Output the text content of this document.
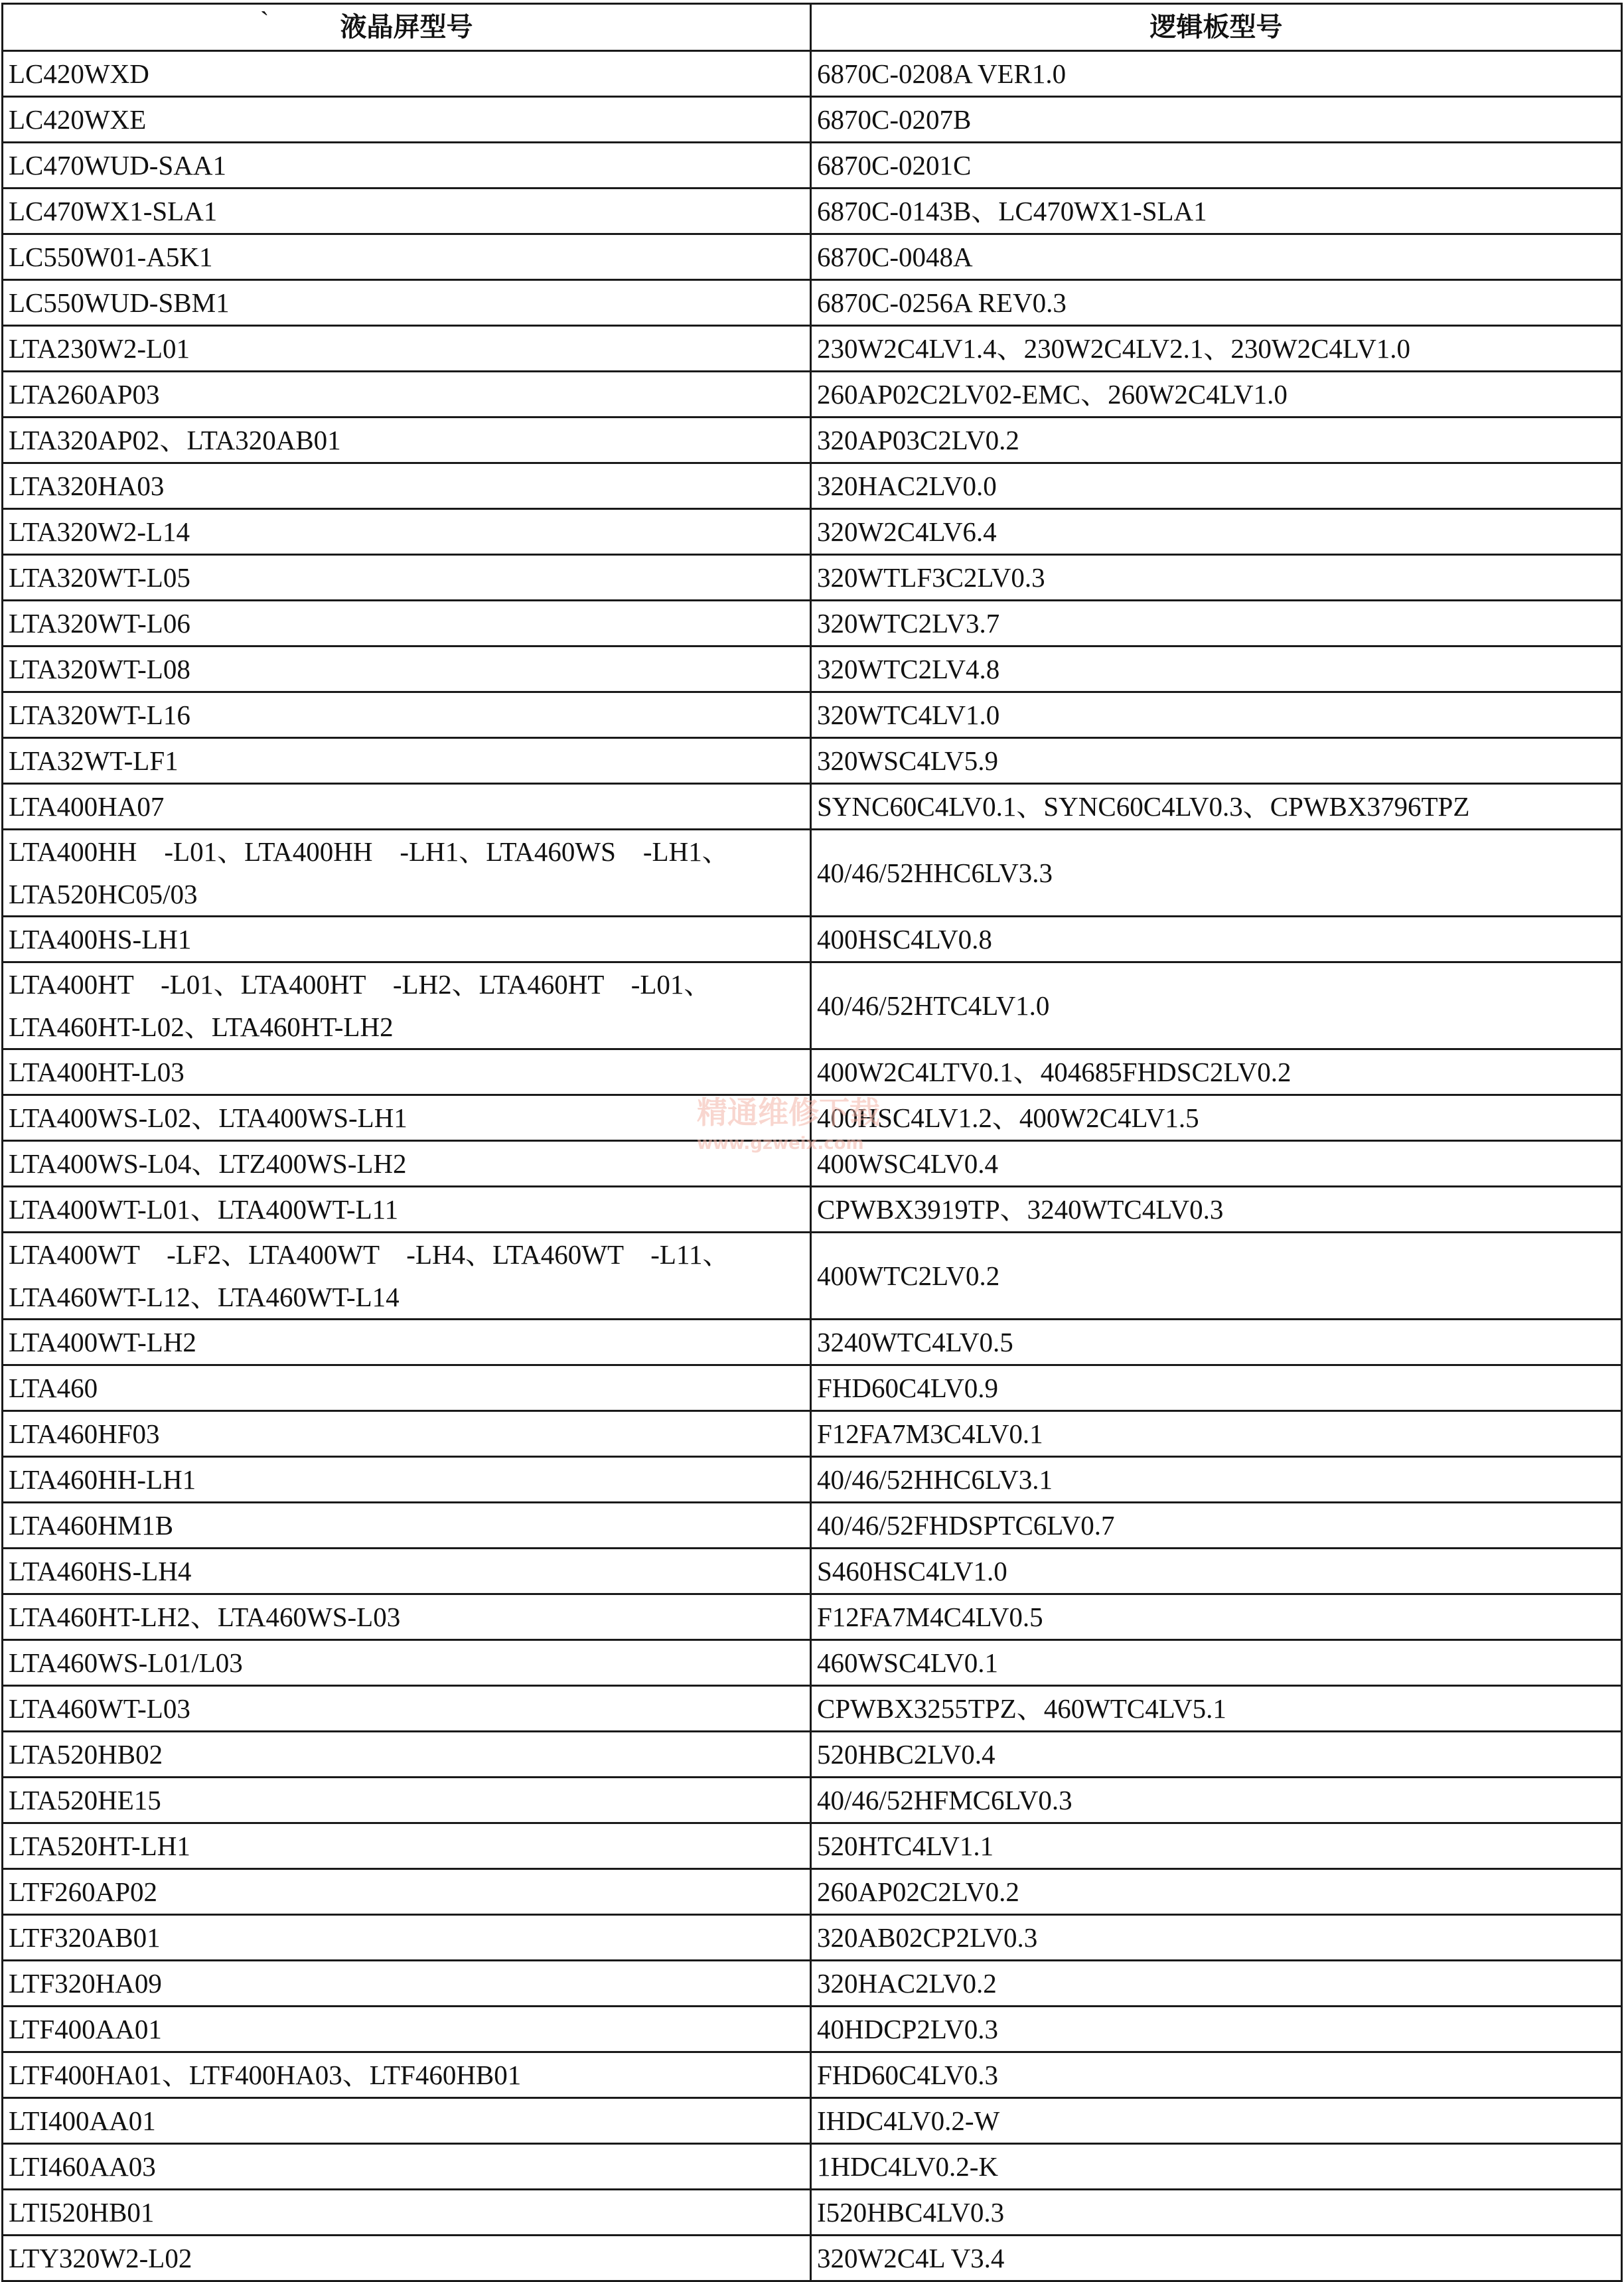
`	液晶屏型号	逻辑板型号
LC420WXD	6870C-0208A VER1.0
LC420WXE	6870C-0207B
LC470WUD-SAA1	6870C-0201C
LC470WX1-SLA1	6870C-0143B、LC470WX1-SLA1
LC550W01-A5K1	6870C-0048A
LC550WUD-SBM1	6870C-0256A REV0.3
LTA230W2-L01	230W2C4LV1.4、230W2C4LV2.1、230W2C4LV1.0
LTA260AP03	260AP02C2LV02-EMC、260W2C4LV1.0
LTA320AP02、LTA320AB01	320AP03C2LV0.2
LTA320HA03	320HAC2LV0.0
LTA320W2-L14	320W2C4LV6.4
LTA320WT-L05	320WTLF3C2LV0.3
LTA320WT-L06	320WTC2LV3.7
LTA320WT-L08	320WTC2LV4.8
LTA320WT-L16	320WTC4LV1.0
LTA32WT-LF1	320WSC4LV5.9
LTA400HA07	SYNC60C4LV0.1、SYNC60C4LV0.3、CPWBX3796TPZ
LTA400HH　-L01、LTA400HH　-LH1、LTA460WS　-LH1、LTA520HC05/03	40/46/52HHC6LV3.3
LTA400HS-LH1	400HSC4LV0.8
LTA400HT　-L01、LTA400HT　-LH2、LTA460HT　-L01、LTA460HT-L02、LTA460HT-LH2	40/46/52HTC4LV1.0
LTA400HT-L03	400W2C4LTV0.1、404685FHDSC2LV0.2
LTA400WS-L02、LTA400WS-LH1	400HSC4LV1.2、400W2C4LV1.5
LTA400WS-L04、LTZ400WS-LH2	400WSC4LV0.4
LTA400WT-L01、LTA400WT-L11	CPWBX3919TP、3240WTC4LV0.3
LTA400WT　-LF2、LTA400WT　-LH4、LTA460WT　-L11、LTA460WT-L12、LTA460WT-L14	400WTC2LV0.2
LTA400WT-LH2	3240WTC4LV0.5
LTA460	FHD60C4LV0.9
LTA460HF03	F12FA7M3C4LV0.1
LTA460HH-LH1	40/46/52HHC6LV3.1
LTA460HM1B	40/46/52FHDSPTC6LV0.7
LTA460HS-LH4	S460HSC4LV1.0
LTA460HT-LH2、LTA460WS-L03	F12FA7M4C4LV0.5
LTA460WS-L01/L03	460WSC4LV0.1
LTA460WT-L03	CPWBX3255TPZ、460WTC4LV5.1
LTA520HB02	520HBC2LV0.4
LTA520HE15	40/46/52HFMC6LV0.3
LTA520HT-LH1	520HTC4LV1.1
LTF260AP02	260AP02C2LV0.2
LTF320AB01	320AB02CP2LV0.3
LTF320HA09	320HAC2LV0.2
LTF400AA01	40HDCP2LV0.3
LTF400HA01、LTF400HA03、LTF460HB01	FHD60C4LV0.3
LTI400AA01	IHDC4LV0.2-W
LTI460AA03	1HDC4LV0.2-K
LTI520HB01	I520HBC4LV0.3
LTY320W2-L02	320W2C4L V3.4
精通维修下载
www.gzweix.com
